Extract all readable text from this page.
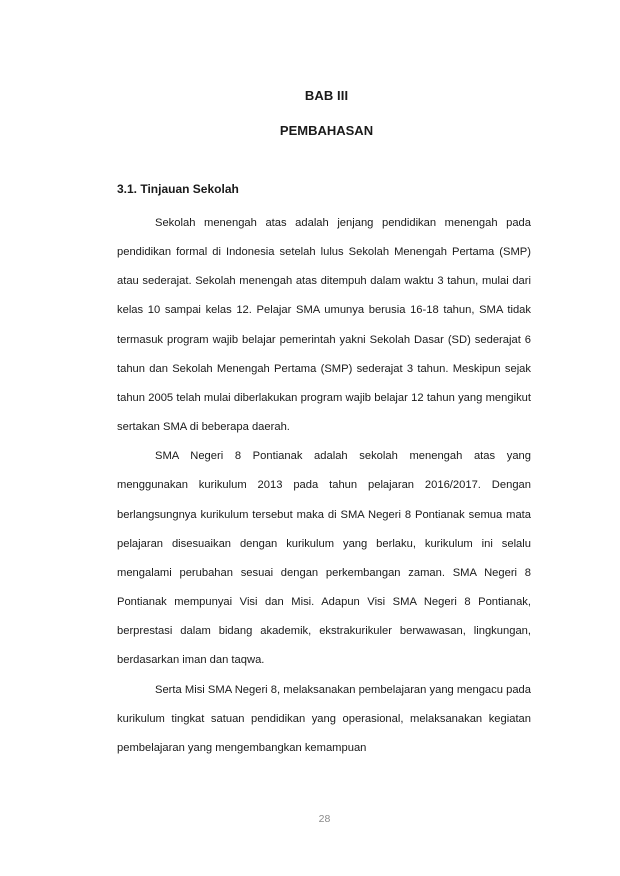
BAB III
PEMBAHASAN
3.1. Tinjauan Sekolah

Sekolah menengah atas adalah jenjang pendidikan menengah pada pendidikan formal di Indonesia setelah lulus Sekolah Menengah Pertama (SMP) atau sederajat. Sekolah menengah atas ditempuh dalam waktu 3 tahun, mulai dari kelas 10 sampai kelas 12. Pelajar SMA umunya berusia 16-18 tahun, SMA tidak termasuk program wajib belajar pemerintah yakni Sekolah Dasar (SD) sederajat 6 tahun dan Sekolah Menengah Pertama (SMP) sederajat 3 tahun. Meskipun sejak tahun 2005 telah mulai diberlakukan program wajib belajar 12 tahun yang mengikut sertakan SMA di beberapa daerah.

SMA Negeri 8 Pontianak adalah sekolah menengah atas yang menggunakan kurikulum 2013 pada tahun pelajaran 2016/2017. Dengan berlangsungnya kurikulum tersebut maka di SMA Negeri 8 Pontianak semua mata pelajaran disesuaikan dengan kurikulum yang berlaku, kurikulum ini selalu mengalami perubahan sesuai dengan perkembangan zaman. SMA Negeri 8 Pontianak mempunyai Visi dan Misi. Adapun Visi SMA Negeri 8 Pontianak, berprestasi dalam bidang akademik, ekstrakurikuler berwawasan, lingkungan, berdasarkan iman dan taqwa.

Serta Misi SMA Negeri 8, melaksanakan pembelajaran yang mengacu pada kurikulum tingkat satuan pendidikan yang operasional, melaksanakan kegiatan pembelajaran yang mengembangkan kemampuan

28
